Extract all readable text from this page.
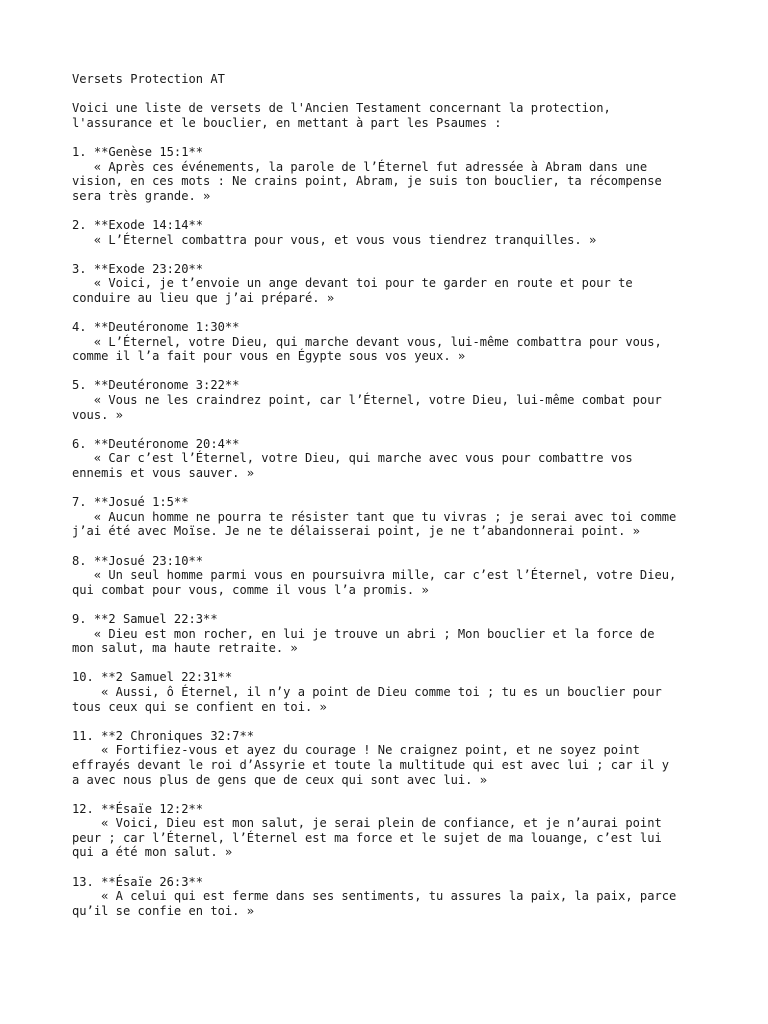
Versets Protection AT
Voici une liste de versets de l'Ancien Testament concernant la protection,
l'assurance et le bouclier, en mettant à part les Psaumes :
1. **Genèse 15:1**
« Après ces événements, la parole de l’Éternel fut adressée à Abram dans une
vision, en ces mots : Ne crains point, Abram, je suis ton bouclier, ta récompense
sera très grande. »
2. **Exode 14:14**
« L’Éternel combattra pour vous, et vous vous tiendrez tranquilles. »
3. **Exode 23:20**
« Voici, je t’envoie un ange devant toi pour te garder en route et pour te
conduire au lieu que j’ai préparé. »
4. **Deutéronome 1:30**
« L’Éternel, votre Dieu, qui marche devant vous, lui-même combattra pour vous,
comme il l’a fait pour vous en Égypte sous vos yeux. »
5. **Deutéronome 3:22**
« Vous ne les craindrez point, car l’Éternel, votre Dieu, lui-même combat pour
vous. »
6. **Deutéronome 20:4**
« Car c’est l’Éternel, votre Dieu, qui marche avec vous pour combattre vos
ennemis et vous sauver. »
7. **Josué 1:5**
« Aucun homme ne pourra te résister tant que tu vivras ; je serai avec toi comme
j’ai été avec Moïse. Je ne te délaisserai point, je ne t’abandonnerai point. »
8. **Josué 23:10**
« Un seul homme parmi vous en poursuivra mille, car c’est l’Éternel, votre Dieu,
qui combat pour vous, comme il vous l’a promis. »
9. **2 Samuel 22:3**
« Dieu est mon rocher, en lui je trouve un abri ; Mon bouclier et la force de
mon salut, ma haute retraite. »
10. **2 Samuel 22:31**
« Aussi, ô Éternel, il n’y a point de Dieu comme toi ; tu es un bouclier pour
tous ceux qui se confient en toi. »
11. **2 Chroniques 32:7**
« Fortifiez-vous et ayez du courage ! Ne craignez point, et ne soyez point
effrayés devant le roi d’Assyrie et toute la multitude qui est avec lui ; car il y
a avec nous plus de gens que de ceux qui sont avec lui. »
12. **Ésaïe 12:2**
« Voici, Dieu est mon salut, je serai plein de confiance, et je n’aurai point
peur ; car l’Éternel, l’Éternel est ma force et le sujet de ma louange, c’est lui
qui a été mon salut. »
13. **Ésaïe 26:3**
« A celui qui est ferme dans ses sentiments, tu assures la paix, la paix, parce
qu’il se confie en toi. »
